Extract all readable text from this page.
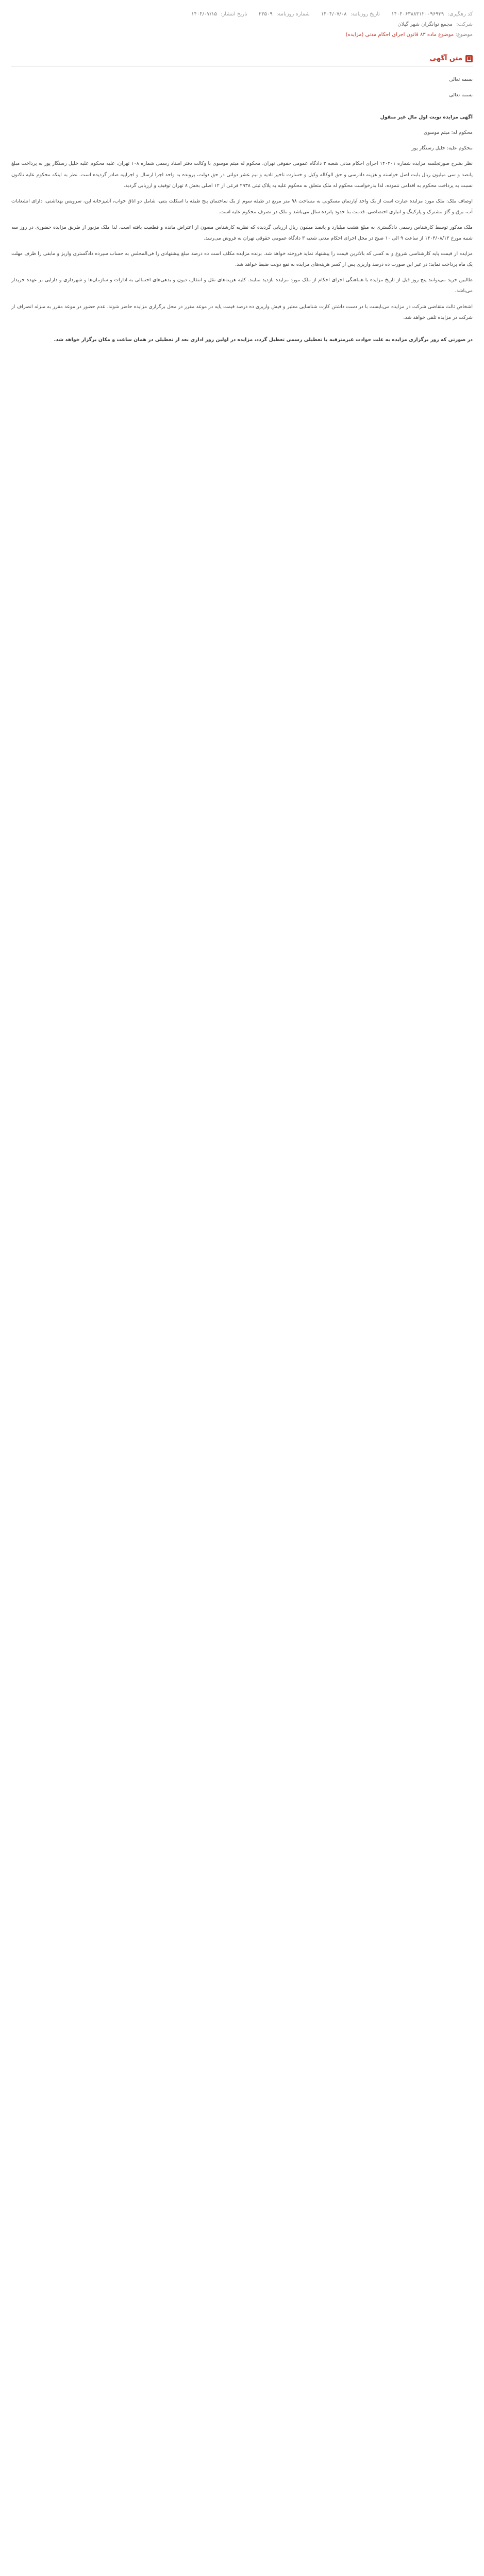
کد رهگیری: ۱۴۰۴۰۶۳۸۸۳۱۲۰۰۹۶۹۳۹
تاریخ روزنامه: ۱۴۰۴/۰۷/۰۸
شماره روزنامه: ۲۳۵۰۹
تاریخ انتشار: ۱۴۰۴/۰۷/۱۵
شرکت: مجمع توانگران شهر گیلان
موضوع: موضوع ماده ۸۳ قانون اجرای احکام مدنی (مزایده)
متن آگهی

بسمه تعالی

بسمه تعالی

آگهی مزایده نوبت اول مال غیر منقول

محکوم له: میثم موسوی

محکوم علیه: خلیل رستگار پور

نظر بشرح صورتجلسه مزایده شماره ۱۴۰۴۰۱ اجرای احکام مدنی شعبه ۳ دادگاه عمومی حقوقی تهران، محکوم له میثم موسوی با وکالت دفتر اسناد رسمی شماره ۱۰۸ تهران، علیه محکوم علیه خلیل رستگار پور به پرداخت مبلغ پانصد و سی میلیون ریال بابت اصل خواسته و هزینه دادرسی و حق الوکاله وکیل و خسارت تاخیر تادیه و نیم عشر دولتی در حق دولت، پرونده به واحد اجرا ارسال و اجراییه صادر گردیده است. نظر به اینکه محکوم علیه تاکنون نسبت به پرداخت محکوم به اقدامی ننموده، لذا بدرخواست محکوم له ملک متعلق به محکوم علیه به پلاک ثبتی ۲۹۳۸ فرعی از ۱۲ اصلی بخش ۸ تهران توقیف و ارزیابی گردید.

اوصاف ملک: ملک مورد مزایده عبارت است از یک واحد آپارتمان مسکونی به مساحت ۹۸ متر مربع در طبقه سوم از یک ساختمان پنج طبقه با اسکلت بتنی، شامل دو اتاق خواب، آشپزخانه اپن، سرویس بهداشتی، دارای انشعابات آب، برق و گاز مشترک و پارکینگ و انباری اختصاصی. قدمت بنا حدود پانزده سال می‌باشد و ملک در تصرف محکوم علیه است.

ملک مذکور توسط کارشناس رسمی دادگستری به مبلغ هشت میلیارد و پانصد میلیون ریال ارزیابی گردیده که نظریه کارشناس مصون از اعتراض مانده و قطعیت یافته است. لذا ملک مزبور از طریق مزایده حضوری در روز سه شنبه مورخ ۱۴۰۴/۰۸/۱۳ از ساعت ۹ الی ۱۰ صبح در محل اجرای احکام مدنی شعبه ۳ دادگاه عمومی حقوقی تهران به فروش می‌رسد.

مزایده از قیمت پایه کارشناسی شروع و به کسی که بالاترین قیمت را پیشنهاد نماید فروخته خواهد شد. برنده مزایده مکلف است ده درصد مبلغ پیشنهادی را فی‌المجلس به حساب سپرده دادگستری واریز و مابقی را ظرف مهلت یک ماه پرداخت نماید؛ در غیر این صورت ده درصد واریزی پس از کسر هزینه‌های مزایده به نفع دولت ضبط خواهد شد.

طالبین خرید می‌توانند پنج روز قبل از تاریخ مزایده با هماهنگی اجرای احکام از ملک مورد مزایده بازدید نمایند. کلیه هزینه‌های نقل و انتقال، دیون و بدهی‌های احتمالی به ادارات و سازمان‌ها و شهرداری و دارایی بر عهده خریدار می‌باشد.

اشخاص ثالث متقاضی شرکت در مزایده می‌بایست با در دست داشتن کارت شناسایی معتبر و فیش واریزی ده درصد قیمت پایه در موعد مقرر در محل برگزاری مزایده حاضر شوند. عدم حضور در موعد مقرر به منزله انصراف از شرکت در مزایده تلقی خواهد شد.

در صورتی که روز برگزاری مزایده به علت حوادث غیرمترقبه یا تعطیلی رسمی تعطیل گردد، مزایده در اولین روز اداری بعد از تعطیلی در همان ساعت و مکان برگزار خواهد شد.
